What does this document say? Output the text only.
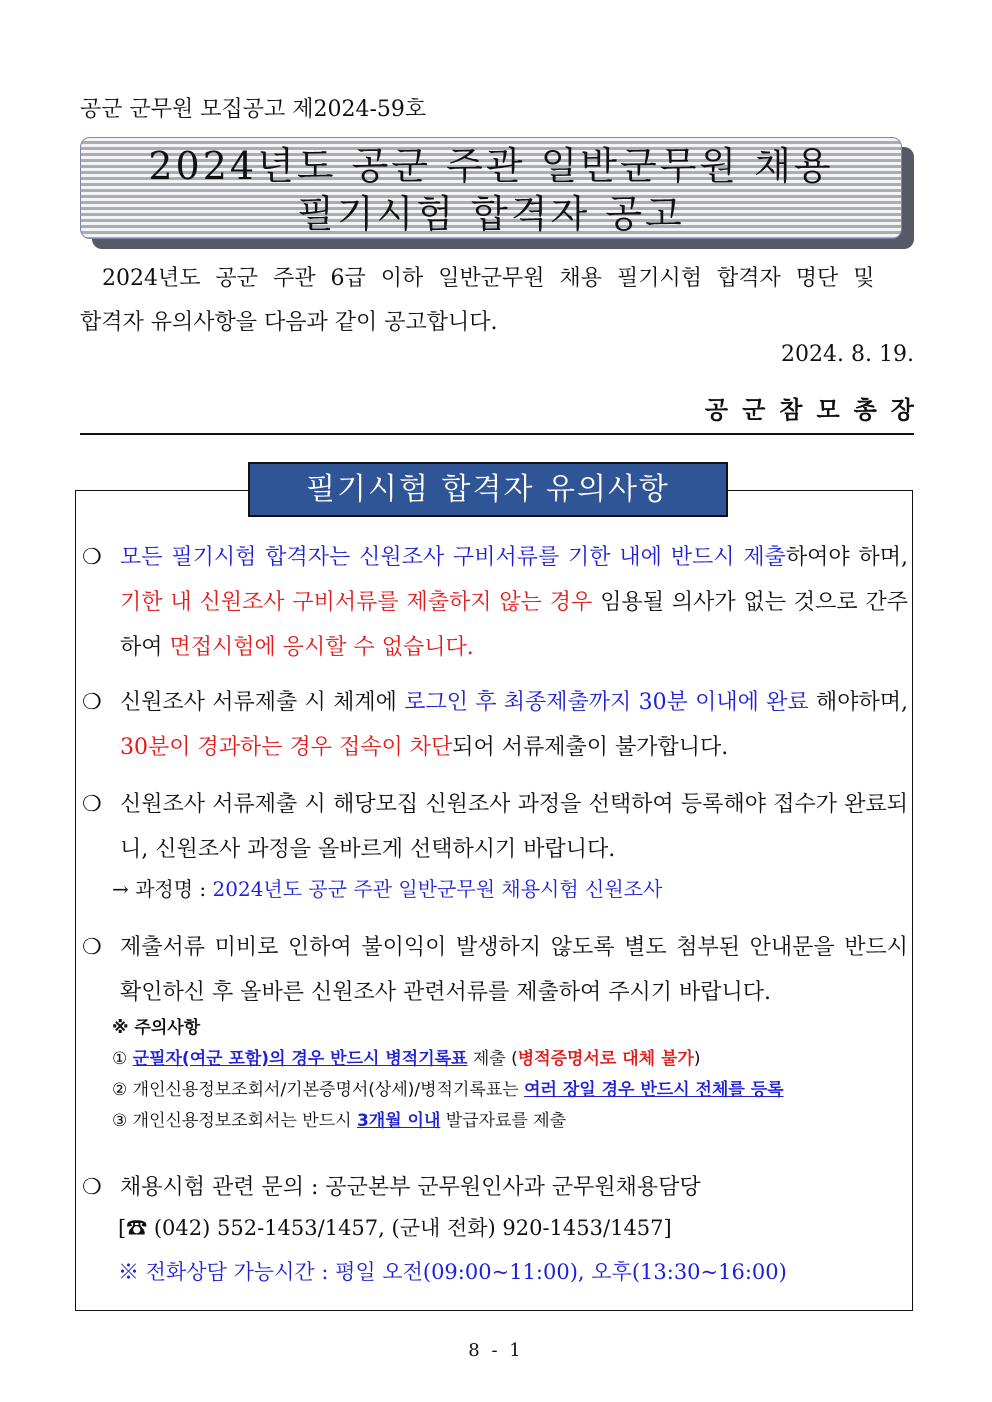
공군 군무원 모집공고 제2024-59호
2024년도 공군 주관 일반군무원 채용
필기시험 합격자 공고
2024년도 공군 주관 6급 이하 일반군무원 채용 필기시험 합격자 명단 및
합격자 유의사항을 다음과 같이 공고합니다.
2024. 8. 19.
공군참모총장
필기시험 합격자 유의사항
❍ 모든 필기시험 합격자는 신원조사 구비서류를 기한 내에 반드시 제출하여야 하며, 기한 내 신원조사 구비서류를 제출하지 않는 경우 임용될 의사가 없는 것으로 간주하여 면접시험에 응시할 수 없습니다.
❍ 신원조사 서류제출 시 체계에 로그인 후 최종제출까지 30분 이내에 완료 해야하며, 30분이 경과하는 경우 접속이 차단되어 서류제출이 불가합니다.
❍ 신원조사 서류제출 시 해당모집 신원조사 과정을 선택하여 등록해야 접수가 완료되니, 신원조사 과정을 올바르게 선택하시기 바랍니다.
→ 과정명 : 2024년도 공군 주관 일반군무원 채용시험 신원조사
❍ 제출서류 미비로 인하여 불이익이 발생하지 않도록 별도 첨부된 안내문을 반드시 확인하신 후 올바른 신원조사 관련서류를 제출하여 주시기 바랍니다.
※ 주의사항
① 군필자(여군 포함)의 경우 반드시 병적기록표 제출 (병적증명서로 대체 불가)
② 개인신용정보조회서/기본증명서(상세)/병적기록표는 여러 장일 경우 반드시 전체를 등록
③ 개인신용정보조회서는 반드시 3개월 이내 발급자료를 제출
❍ 채용시험 관련 문의 : 공군본부 군무원인사과 군무원채용담당
[☎ (042) 552-1453/1457, (군내 전화) 920-1453/1457]
※ 전화상담 가능시간 : 평일 오전(09:00~11:00), 오후(13:30~16:00)
8 - 1
